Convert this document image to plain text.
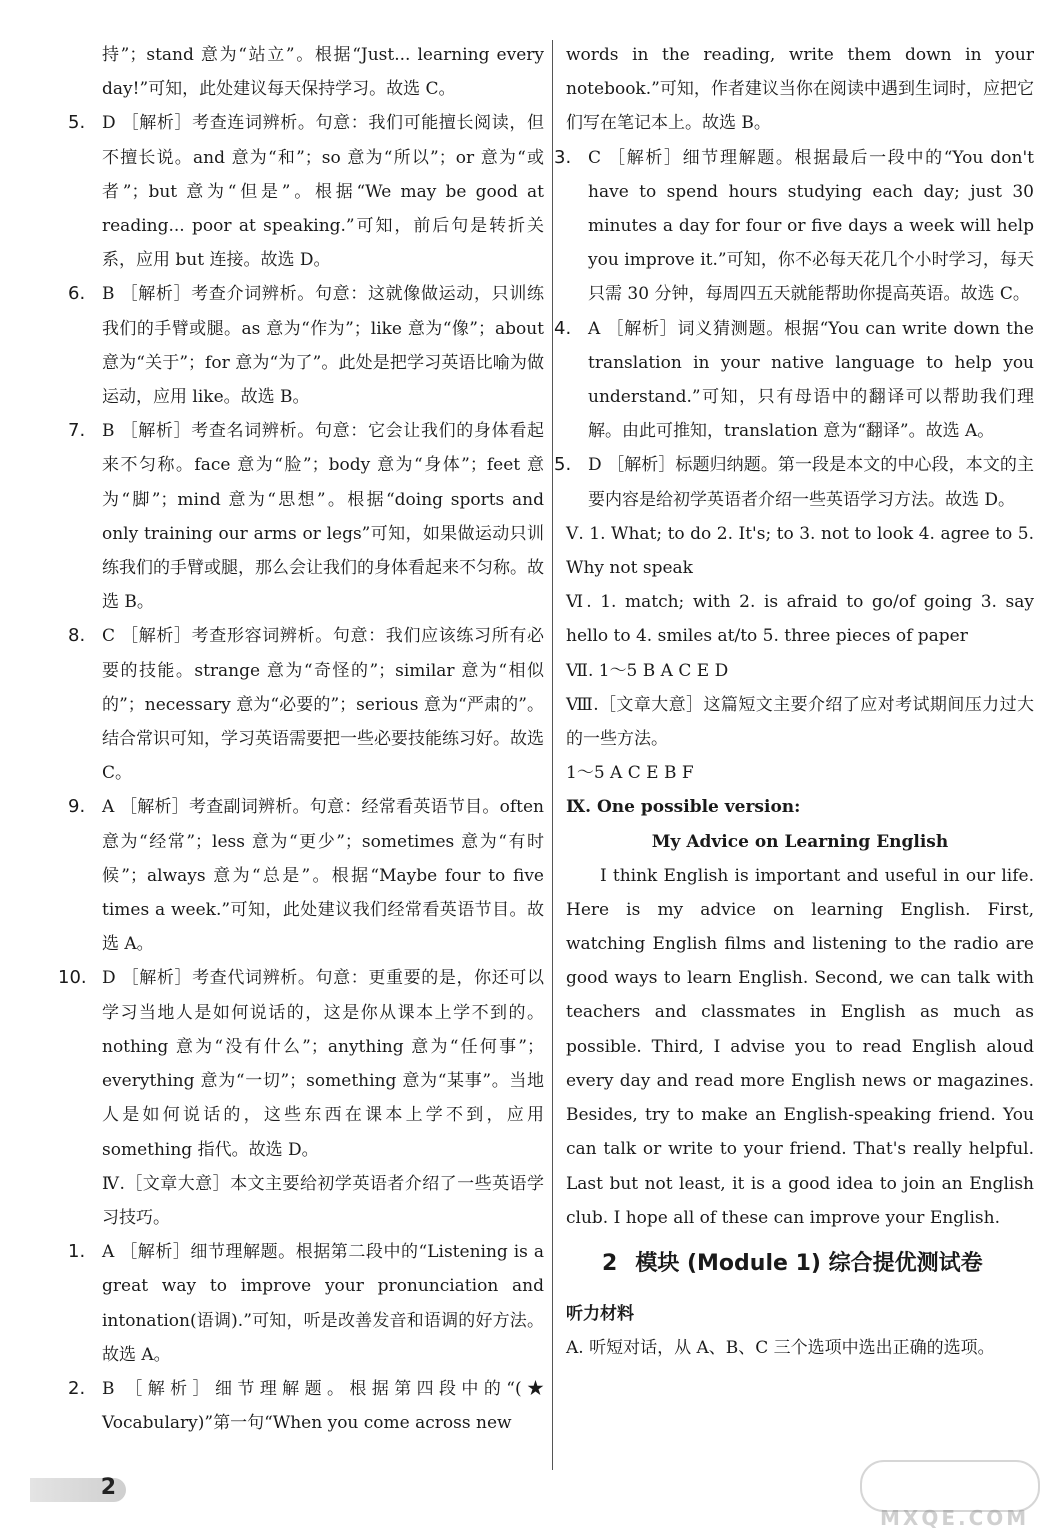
持”；stand 意为“站立”。根据“Just... learning every day!”可知，此处建议每天保持学习。故选 C。
5. D ［解析］考查连词辨析。句意：我们可能擅长阅读，但不擅长说。and 意为“和”；so 意为“所以”；or 意为“或者”；but 意为“但是”。根据“We may be good at reading... poor at speaking.”可知，前后句是转折关系，应用 but 连接。故选 D。
6. B ［解析］考查介词辨析。句意：这就像做运动，只训练我们的手臂或腿。as 意为“作为”；like 意为“像”；about 意为“关于”；for 意为“为了”。此处是把学习英语比喻为做运动，应用 like。故选 B。
7. B ［解析］考查名词辨析。句意：它会让我们的身体看起来不匀称。face 意为“脸”；body 意为“身体”；feet 意为“脚”；mind 意为“思想”。根据“doing sports and only training our arms or legs”可知，如果做运动只训练我们的手臂或腿，那么会让我们的身体看起来不匀称。故选 B。
8. C ［解析］考查形容词辨析。句意：我们应该练习所有必要的技能。strange 意为“奇怪的”；similar 意为“相似的”；necessary 意为“必要的”；serious 意为“严肃的”。结合常识可知，学习英语需要把一些必要技能练习好。故选 C。
9. A ［解析］考查副词辨析。句意：经常看英语节目。often 意为“经常”；less 意为“更少”；sometimes 意为“有时候”；always 意为“总是”。根据“Maybe four to five times a week.”可知，此处建议我们经常看英语节目。故选 A。
10. D ［解析］考查代词辨析。句意：更重要的是，你还可以学习当地人是如何说话的，这是你从课本上学不到的。nothing 意为“没有什么”；anything 意为“任何事”；everything 意为“一切”；something 意为“某事”。当地人是如何说话的，这些东西在课本上学不到，应用 something 指代。故选 D。
Ⅳ.［文章大意］本文主要给初学英语者介绍了一些英语学习技巧。
1. A ［解析］细节理解题。根据第二段中的“Listening is a great way to improve your pronunciation and intonation(语调).”可知，听是改善发音和语调的好方法。故选 A。
2. B ［解析］细节理解题。根据第四段中的“(★ Vocabulary)”第一句“When you come across new
words in the reading, write them down in your notebook.”可知，作者建议当你在阅读中遇到生词时，应把它们写在笔记本上。故选 B。
3. C ［解析］细节理解题。根据最后一段中的“You don't have to spend hours studying each day; just 30 minutes a day for four or five days a week will help you improve it.”可知，你不必每天花几个小时学习，每天只需 30 分钟，每周四五天就能帮助你提高英语。故选 C。
4. A ［解析］词义猜测题。根据“You can write down the translation in your native language to help you understand.”可知，只有母语中的翻译可以帮助我们理解。由此可推知，translation 意为“翻译”。故选 A。
5. D ［解析］标题归纳题。第一段是本文的中心段，本文的主要内容是给初学英语者介绍一些英语学习方法。故选 D。
Ⅴ. 1. What; to do 2. It's; to 3. not to look 4. agree to 5. Why not speak
Ⅵ. 1. match; with 2. is afraid to go/of going 3. say hello to 4. smiles at/to 5. three pieces of paper
Ⅶ. 1～5 B A C E D
Ⅷ.［文章大意］这篇短文主要介绍了应对考试期间压力过大的一些方法。
1～5 A C E B F
Ⅸ. One possible version:
My Advice on Learning English
I think English is important and useful in our life. Here is my advice on learning English. First, watching English films and listening to the radio are good ways to learn English. Second, we can talk with teachers and classmates in English as much as possible. Third, I advise you to read English aloud every day and read more English news or magazines. Besides, try to make an English-speaking friend. You can talk or write to your friend. That's really helpful. Last but not least, it is a good idea to join an English club. I hope all of these can improve your English.
2 模块 (Module 1) 综合提优测试卷
听力材料
A. 听短对话，从 A、B、C 三个选项中选出正确的选项。
2
MXQE.COM
